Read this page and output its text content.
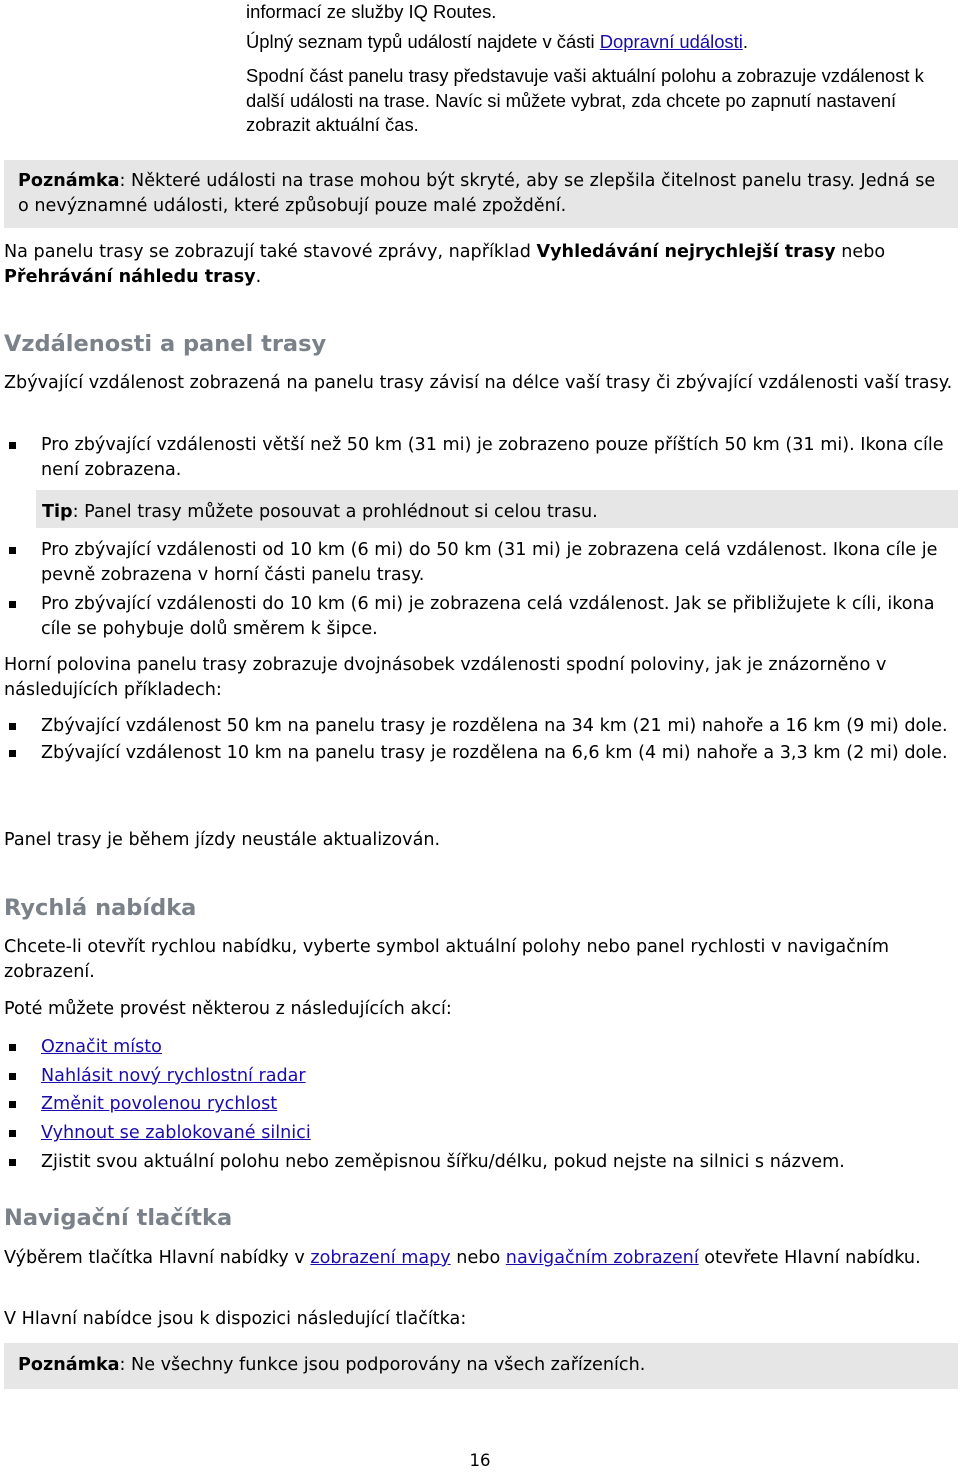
informací ze služby IQ Routes.

Úplný seznam typů událostí najdete v části Dopravní události.

Spodní část panelu trasy představuje vaši aktuální polohu a zobrazuje vzdálenost k další události na trase. Navíc si můžete vybrat, zda chcete po zapnutí nastavení zobrazit aktuální čas.

Poznámka: Některé události na trase mohou být skryté, aby se zlepšila čitelnost panelu trasy. Jedná se o nevýznamné události, které způsobují pouze malé zpoždění.

Na panelu trasy se zobrazují také stavové zprávy, například Vyhledávání nejrychlejší trasy nebo Přehrávání náhledu trasy.

Vzdálenosti a panel trasy

Zbývající vzdálenost zobrazená na panelu trasy závisí na délce vaší trasy či zbývající vzdálenosti vaší trasy.

Pro zbývající vzdálenosti větší než 50 km (31 mi) je zobrazeno pouze příštích 50 km (31 mi). Ikona cíle není zobrazena.

Tip: Panel trasy můžete posouvat a prohlédnout si celou trasu.

Pro zbývající vzdálenosti od 10 km (6 mi) do 50 km (31 mi) je zobrazena celá vzdálenost. Ikona cíle je pevně zobrazena v horní části panelu trasy.
Pro zbývající vzdálenosti do 10 km (6 mi) je zobrazena celá vzdálenost. Jak se přibližujete k cíli, ikona cíle se pohybuje dolů směrem k šipce.

Horní polovina panelu trasy zobrazuje dvojnásobek vzdálenosti spodní poloviny, jak je znázorněno v následujících příkladech:

Zbývající vzdálenost 50 km na panelu trasy je rozdělena na 34 km (21 mi) nahoře a 16 km (9 mi) dole.
Zbývající vzdálenost 10 km na panelu trasy je rozdělena na 6,6 km (4 mi) nahoře a 3,3 km (2 mi) dole.

Panel trasy je během jízdy neustále aktualizován.

Rychlá nabídka

Chcete-li otevřít rychlou nabídku, vyberte symbol aktuální polohy nebo panel rychlosti v navigačním zobrazení.

Poté můžete provést některou z následujících akcí:

Označit místo
Nahlásit nový rychlostní radar
Změnit povolenou rychlost
Vyhnout se zablokované silnici
Zjistit svou aktuální polohu nebo zeměpisnou šířku/délku, pokud nejste na silnici s názvem.
Navigační tlačítka

Výběrem tlačítka Hlavní nabídky v zobrazení mapy nebo navigačním zobrazení otevřete Hlavní nabídku.

V Hlavní nabídce jsou k dispozici následující tlačítka:

Poznámka: Ne všechny funkce jsou podporovány na všech zařízeních.

16
